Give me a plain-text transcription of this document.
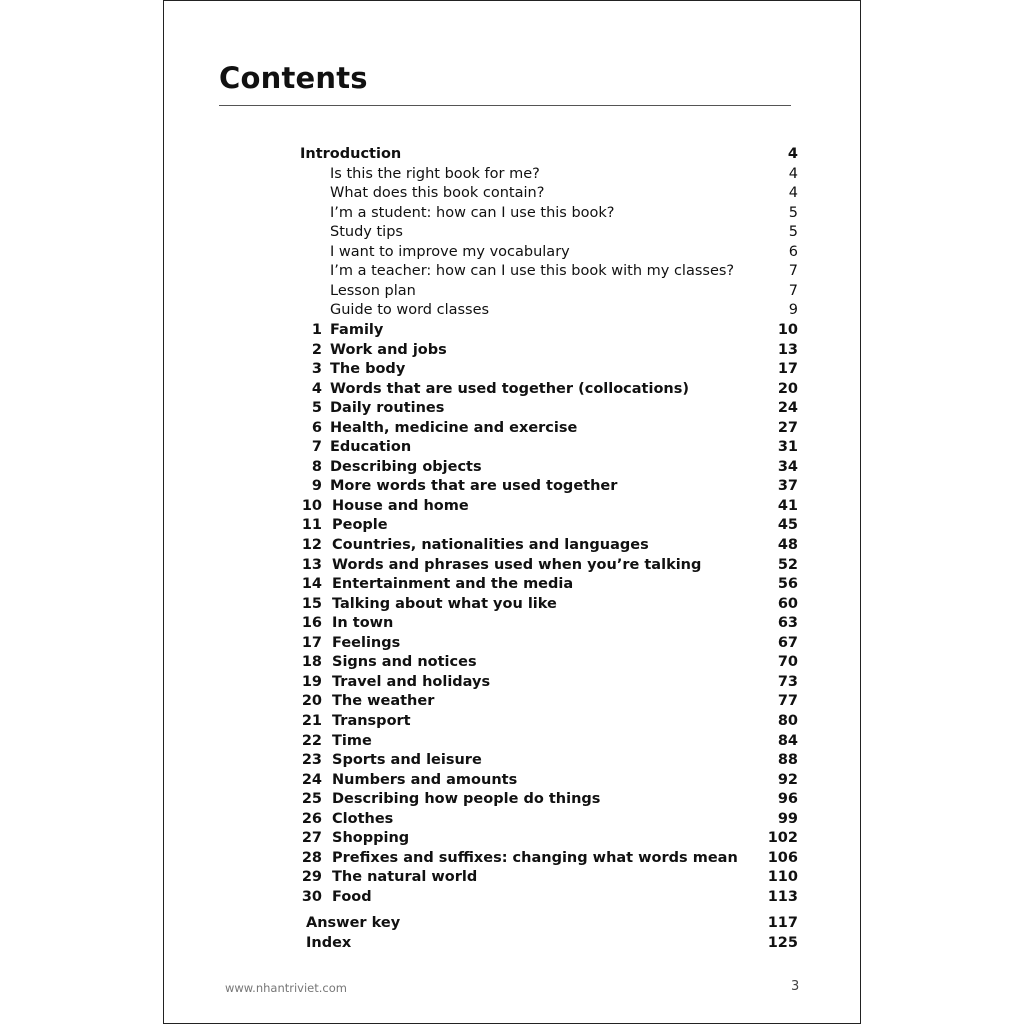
Contents
Introduction	4
Is this the right book for me?	4
What does this book contain?	4
I’m a student: how can I use this book?	5
Study tips	5
I want to improve my vocabulary	6
I’m a teacher: how can I use this book with my classes?	7
Lesson plan	7
Guide to word classes	9
1 Family	10
2 Work and jobs	13
3 The body	17
4 Words that are used together (collocations)	20
5 Daily routines	24
6 Health, medicine and exercise	27
7 Education	31
8 Describing objects	34
9 More words that are used together	37
10 House and home	41
11 People	45
12 Countries, nationalities and languages	48
13 Words and phrases used when you’re talking	52
14 Entertainment and the media	56
15 Talking about what you like	60
16 In town	63
17 Feelings	67
18 Signs and notices	70
19 Travel and holidays	73
20 The weather	77
21 Transport	80
22 Time	84
23 Sports and leisure	88
24 Numbers and amounts	92
25 Describing how people do things	96
26 Clothes	99
27 Shopping	102
28 Prefixes and suffixes: changing what words mean 106
29 The natural world	110
30 Food	113
Answer key	117
Index	125
www.nhantriviet.com	3
